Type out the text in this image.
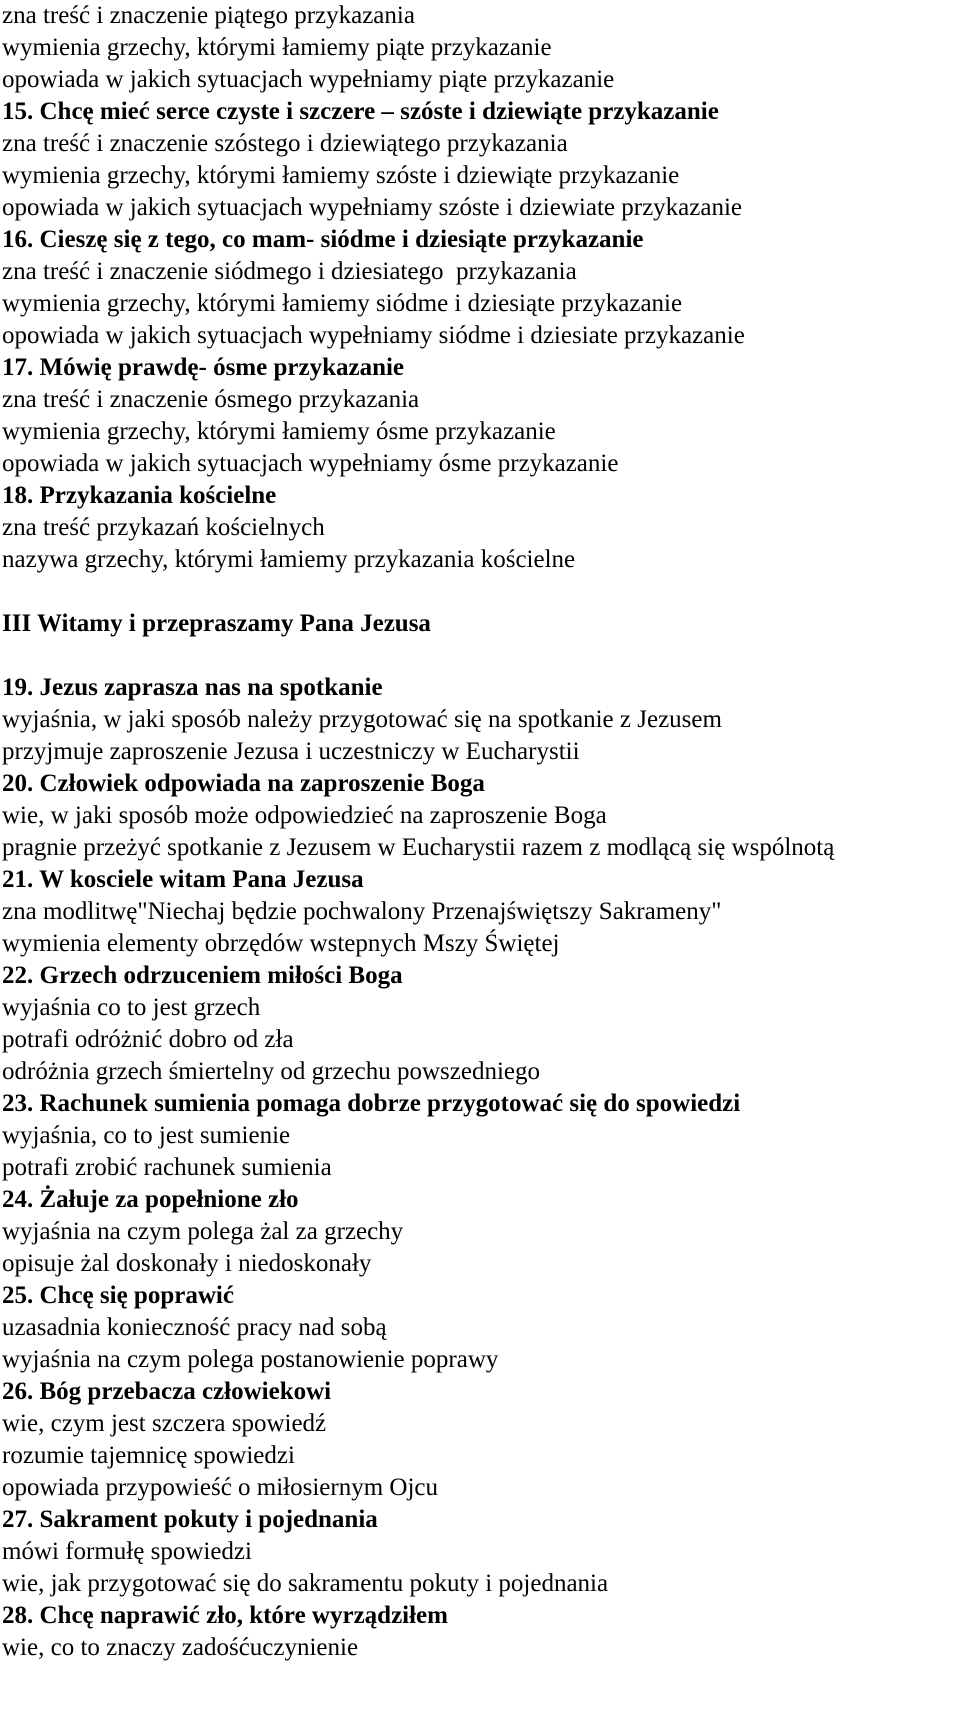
zna treść i znaczenie piątego przykazania
wymienia grzechy, którymi łamiemy piąte przykazanie
opowiada w jakich sytuacjach wypełniamy piąte przykazanie
15. Chcę mieć serce czyste i szczere – szóste i dziewiąte przykazanie
zna treść i znaczenie szóstego i dziewiątego przykazania
wymienia grzechy, którymi łamiemy szóste i dziewiąte przykazanie
opowiada w jakich sytuacjach wypełniamy szóste i dziewiate przykazanie
16. Cieszę się z tego, co mam- siódme i dziesiąte przykazanie
zna treść i znaczenie siódmego i dziesiatego  przykazania
wymienia grzechy, którymi łamiemy siódme i dziesiąte przykazanie
opowiada w jakich sytuacjach wypełniamy siódme i dziesiate przykazanie
17. Mówię prawdę- ósme przykazanie
zna treść i znaczenie ósmego przykazania
wymienia grzechy, którymi łamiemy ósme przykazanie
opowiada w jakich sytuacjach wypełniamy ósme przykazanie
18. Przykazania kościelne
zna treść przykazań kościelnych
nazywa grzechy, którymi łamiemy przykazania kościelne
III Witamy i przepraszamy Pana Jezusa
19. Jezus zaprasza nas na spotkanie
wyjaśnia, w jaki sposób należy przygotować się na spotkanie z Jezusem
przyjmuje zaproszenie Jezusa i uczestniczy w Eucharystii
20. Człowiek odpowiada na zaproszenie Boga
wie, w jaki sposób może odpowiedzieć na zaproszenie Boga
pragnie przeżyć spotkanie z Jezusem w Eucharystii razem z modlącą się wspólnotą
21. W kosciele witam Pana Jezusa
zna modlitwę"Niechaj będzie pochwalony Przenajświętszy Sakrameny"
wymienia elementy obrzędów wstepnych Mszy Świętej
22. Grzech odrzuceniem miłości Boga
wyjaśnia co to jest grzech
potrafi odróżnić dobro od zła
odróżnia grzech śmiertelny od grzechu powszedniego
23. Rachunek sumienia pomaga dobrze przygotować się do spowiedzi
wyjaśnia, co to jest sumienie
potrafi zrobić rachunek sumienia
24. Żałuje za popełnione zło
wyjaśnia na czym polega żal za grzechy
opisuje żal doskonały i niedoskonały
25. Chcę się poprawić
uzasadnia konieczność pracy nad sobą
wyjaśnia na czym polega postanowienie poprawy
26. Bóg przebacza człowiekowi
wie, czym jest szczera spowiedź
rozumie tajemnicę spowiedzi
opowiada przypowieść o miłosiernym Ojcu
27. Sakrament pokuty i pojednania
mówi formułę spowiedzi
wie, jak przygotować się do sakramentu pokuty i pojednania
28. Chcę naprawić zło, które wyrządziłem
wie, co to znaczy zadośćuczynienie
